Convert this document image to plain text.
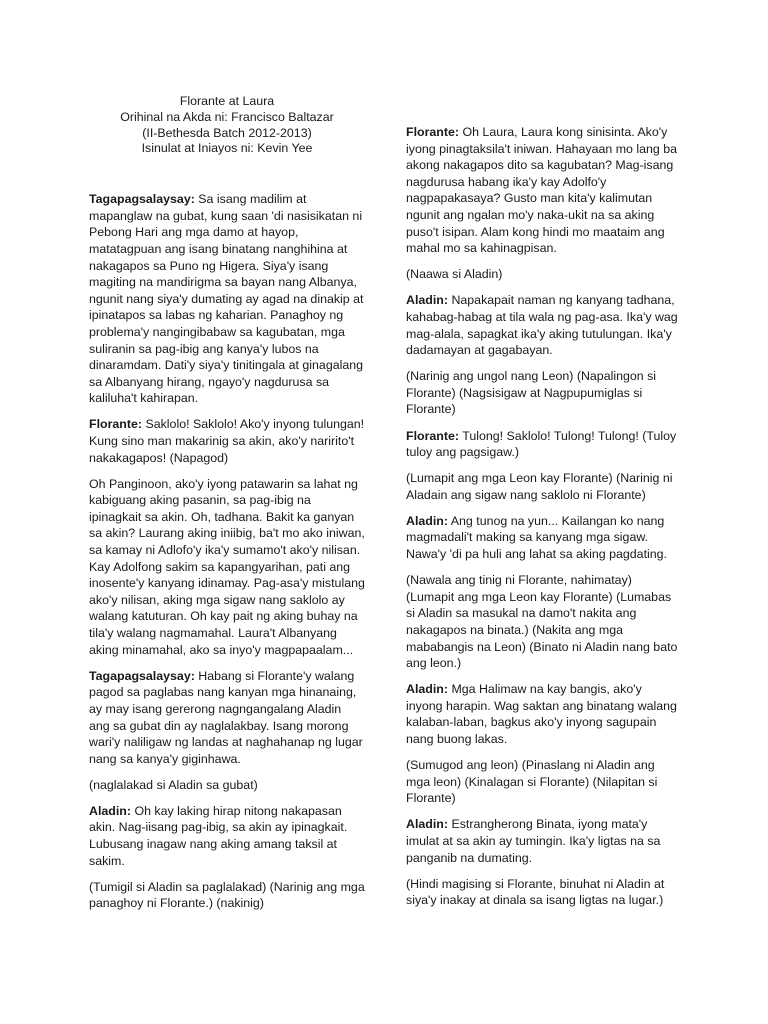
Florante at Laura
Orihinal na Akda ni: Francisco Baltazar
(II-Bethesda Batch 2012-2013)
Isinulat at Iniayos ni: Kevin Yee

Tagapagsalaysay: Sa isang madilim at mapanglaw na gubat, kung saan 'di nasisikatan ni Pebong Hari ang mga damo at hayop, matatagpuan ang isang binatang nanghihina at nakagapos sa Puno ng Higera. Siya'y isang magiting na mandirigma sa bayan nang Albanya, ngunit nang siya'y dumating ay agad na dinakip at ipinatapos sa labas ng kaharian. Panaghoy ng problema'y nangingibabaw sa kagubatan, mga suliranin sa pag-ibig ang kanya'y lubos na dinaramdam. Dati'y siya'y tinitingala at ginagalang sa Albanyang hirang, ngayo'y nagdurusa sa kaliluha't kahirapan.

Florante: Saklolo! Saklolo! Ako'y inyong tulungan! Kung sino man makarinig sa akin, ako'y naririto't nakakagapos! (Napagod)

Oh Panginoon, ako'y iyong patawarin sa lahat ng kabiguang aking pasanin, sa pag-ibig na ipinagkait sa akin. Oh, tadhana. Bakit ka ganyan sa akin? Laurang aking iniibig, ba't mo ako iniwan, sa kamay ni Adlofo'y ika'y sumamo't ako'y nilisan. Kay Adolfong sakim sa kapangyarihan, pati ang inosente'y kanyang idinamay. Pag-asa'y mistulang ako'y nilisan, aking mga sigaw nang saklolo ay walang katuturan. Oh kay pait ng aking buhay na tila'y walang nagmamahal. Laura't Albanyang aking minamahal, ako sa inyo'y magpapaalam...

Tagapagsalaysay: Habang si Florante'y walang pagod sa paglabas nang kanyan mga hinanaing, ay may isang gererong nagngangalang Aladin ang sa gubat din ay naglalakbay. Isang morong wari'y naliligaw ng landas at naghahanap ng lugar nang sa kanya'y giginhawa.

(naglalakad si Aladin sa gubat)

Aladin: Oh kay laking hirap nitong nakapasan akin. Nag-iisang pag-ibig, sa akin ay ipinagkait. Lubusang inagaw nang aking amang taksil at sakim.

(Tumigil si Aladin sa paglalakad) (Narinig ang mga panaghoy ni Florante.) (nakinig)

Florante: Oh Laura, Laura kong sinisinta. Ako'y iyong pinagtaksila't iniwan. Hahayaan mo lang ba akong nakagapos dito sa kagubatan? Mag-isang nagdurusa habang ika'y kay Adolfo'y nagpapakasaya? Gusto man kita'y kalimutan ngunit ang ngalan mo'y naka-ukit na sa aking puso't isipan. Alam kong hindi mo maataim ang mahal mo sa kahinagpisan.

(Naawa si Aladin)

Aladin: Napakapait naman ng kanyang tadhana, kahabag-habag at tila wala ng pag-asa. Ika'y wag mag-alala, sapagkat ika'y aking tutulungan. Ika'y dadamayan at gagabayan.

(Narinig ang ungol nang Leon) (Napalingon si Florante) (Nagsisigaw at Nagpupumiglas si Florante)

Florante: Tulong! Saklolo! Tulong! Tulong! (Tuloy tuloy ang pagsigaw.)

(Lumapit ang mga Leon kay Florante) (Narinig ni Aladain ang sigaw nang saklolo ni Florante)

Aladin: Ang tunog na yun... Kailangan ko nang magmadali't making sa kanyang mga sigaw. Nawa'y 'di pa huli ang lahat sa aking pagdating.

(Nawala ang tinig ni Florante, nahimatay) (Lumapit ang mga Leon kay Florante) (Lumabas si Aladin sa masukal na damo't nakita ang nakagapos na binata.) (Nakita ang mga mababangis na Leon) (Binato ni Aladin nang bato ang leon.)

Aladin: Mga Halimaw na kay bangis, ako'y inyong harapin. Wag saktan ang binatang walang kalaban-laban, bagkus ako'y inyong sagupain nang buong lakas.

(Sumugod ang leon) (Pinaslang ni Aladin ang mga leon) (Kinalagan si Florante) (Nilapitan si Florante)

Aladin: Estrangherong Binata, iyong mata'y imulat at sa akin ay tumingin. Ika'y ligtas na sa panganib na dumating.

(Hindi magising si Florante, binuhat ni Aladin at siya'y inakay at dinala sa isang ligtas na lugar.)
